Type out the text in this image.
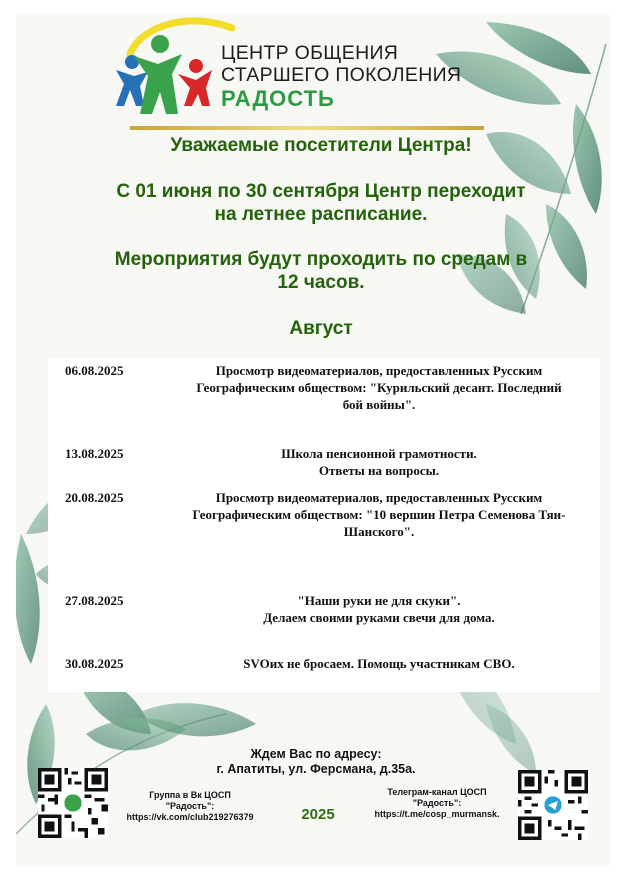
ЦЕНТР ОБЩЕНИЯ
СТАРШЕГО ПОКОЛЕНИЯ
РАДОСТЬ
Уважаемые посетители Центра!
С 01 июня по 30 сентября Центр переходит
на летнее расписание.
Мероприятия будут проходить по средам в
12 часов.
Август
06.08.2025	Просмотр видеоматериалов, предоставленных Русским
Географическим обществом: "Курильский десант. Последний
бой войны".
13.08.2025	Школа пенсионной грамотности.
Ответы на вопросы.
20.08.2025	Просмотр видеоматериалов, предоставленных Русским
Географическим обществом: "10 вершин Петра Семенова Тян-
Шанского".
27.08.2025	"Наши руки не для скуки".
Делаем своими руками свечи для дома.
30.08.2025	SVOих не бросаем. Помощь участникам СВО.
Ждем Вас по адресу:
г. Апатиты, ул. Ферсмана, д.35а.
Группа в Вк ЦОСП
"Радость":
https://vk.com/club219276379	2025
Телеграм-канал ЦОСП
"Радость":
https://t.me/cosp_murmansk.
